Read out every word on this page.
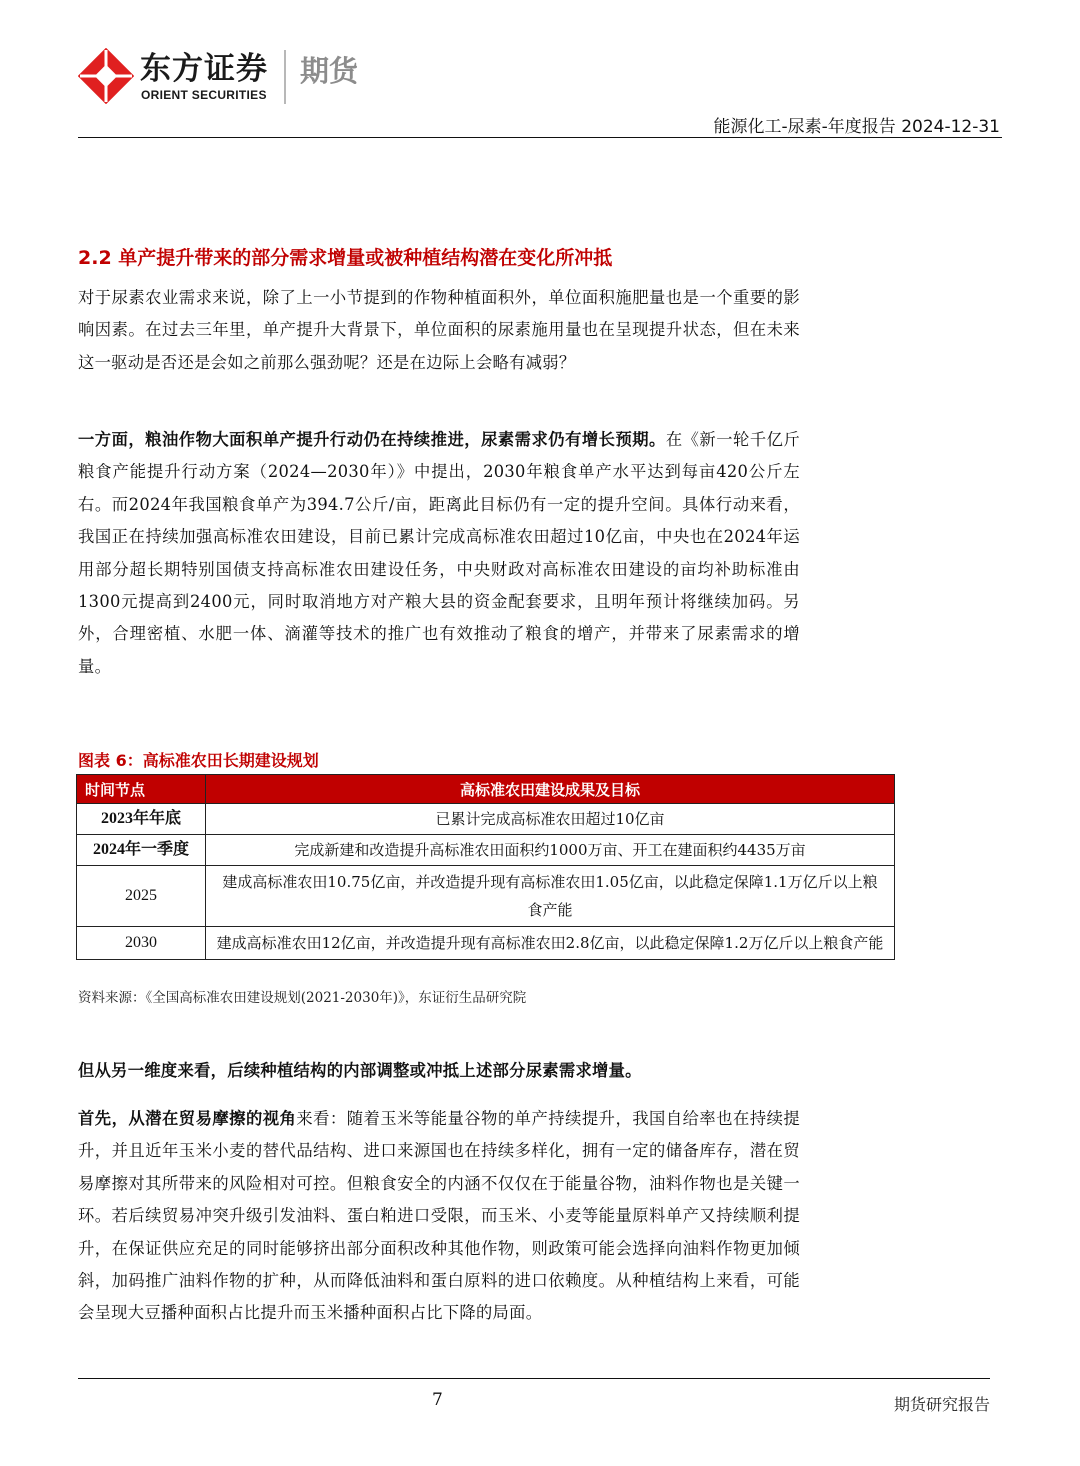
东方证券
ORIENT SECURITIES
期货
能源化工-尿素-年度报告 2024-12-31
2.2 单产提升带来的部分需求增量或被种植结构潜在变化所冲抵
对于尿素农业需求来说，除了上一小节提到的作物种植面积外，单位面积施肥量也是一个重要的影响因素。在过去三年里，单产提升大背景下，单位面积的尿素施用量也在呈现提升状态，但在未来这一驱动是否还是会如之前那么强劲呢？还是在边际上会略有减弱？
一方面，粮油作物大面积单产提升行动仍在持续推进，尿素需求仍有增长预期。在《新一轮千亿斤粮食产能提升行动方案（2024—2030年）》中提出，2030年粮食单产水平达到每亩420公斤左右。而2024年我国粮食单产为394.7公斤/亩，距离此目标仍有一定的提升空间。具体行动来看，我国正在持续加强高标准农田建设，目前已累计完成高标准农田超过10亿亩，中央也在2024年运用部分超长期特别国债支持高标准农田建设任务，中央财政对高标准农田建设的亩均补助标准由1300元提高到2400元，同时取消地方对产粮大县的资金配套要求，且明年预计将继续加码。另外，合理密植、水肥一体、滴灌等技术的推广也有效推动了粮食的增产，并带来了尿素需求的增量。
图表 6：高标准农田长期建设规划
时间节点	高标准农田建设成果及目标
2023年年底	已累计完成高标准农田超过10亿亩
2024年一季度	完成新建和改造提升高标准农田面积约1000万亩、开工在建面积约4435万亩
2025	建成高标准农田10.75亿亩，并改造提升现有高标准农田1.05亿亩，以此稳定保障1.1万亿斤以上粮食产能
2030	建成高标准农田12亿亩，并改造提升现有高标准农田2.8亿亩，以此稳定保障1.2万亿斤以上粮食产能
资料来源：《全国高标准农田建设规划(2021-2030年)》，东证衍生品研究院
但从另一维度来看，后续种植结构的内部调整或冲抵上述部分尿素需求增量。
首先，从潜在贸易摩擦的视角来看：随着玉米等能量谷物的单产持续提升，我国自给率也在持续提升，并且近年玉米小麦的替代品结构、进口来源国也在持续多样化，拥有一定的储备库存，潜在贸易摩擦对其所带来的风险相对可控。但粮食安全的内涵不仅仅在于能量谷物，油料作物也是关键一环。若后续贸易冲突升级引发油料、蛋白粕进口受限，而玉米、小麦等能量原料单产又持续顺利提升，在保证供应充足的同时能够挤出部分面积改种其他作物，则政策可能会选择向油料作物更加倾斜，加码推广油料作物的扩种，从而降低油料和蛋白原料的进口依赖度。从种植结构上来看，可能会呈现大豆播种面积占比提升而玉米播种面积占比下降的局面。
7	期货研究报告
